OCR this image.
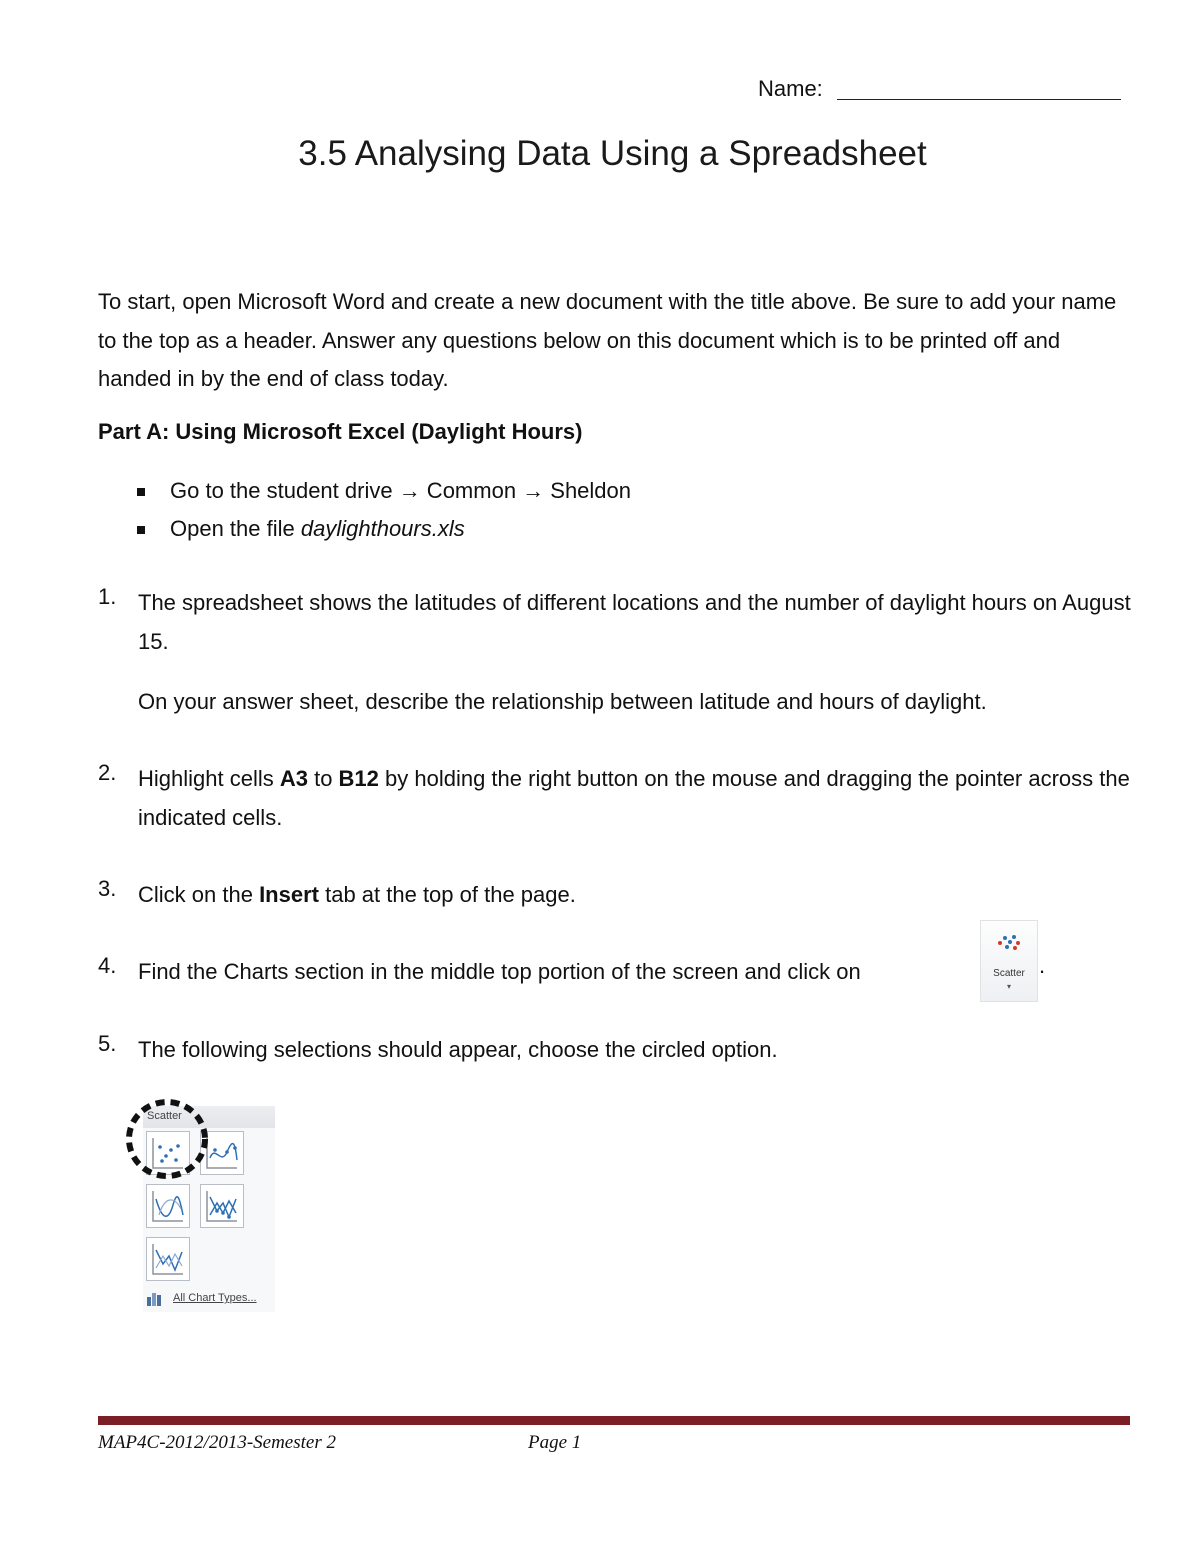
Name:
3.5 Analysing Data Using a Spreadsheet
To start, open Microsoft Word and create a new document with the title above. Be sure to add your name to the top as a header. Answer any questions below on this document which is to be printed off and handed in by the end of class today.
Part A: Using Microsoft Excel (Daylight Hours)
Go to the student drive → Common → Sheldon
Open the file daylighthours.xls
1. The spreadsheet shows the latitudes of different locations and the number of daylight hours on August 15.
On your answer sheet, describe the relationship between latitude and hours of daylight.
2. Highlight cells A3 to B12 by holding the right button on the mouse and dragging the pointer across the indicated cells.
3. Click on the Insert tab at the top of the page.
4. Find the Charts section in the middle top portion of the screen and click on	.
Scatter
▾
5. The following selections should appear, choose the circled option.
Scatter
All Chart Types...
MAP4C-2012/2013-Semester 2	Page 1
